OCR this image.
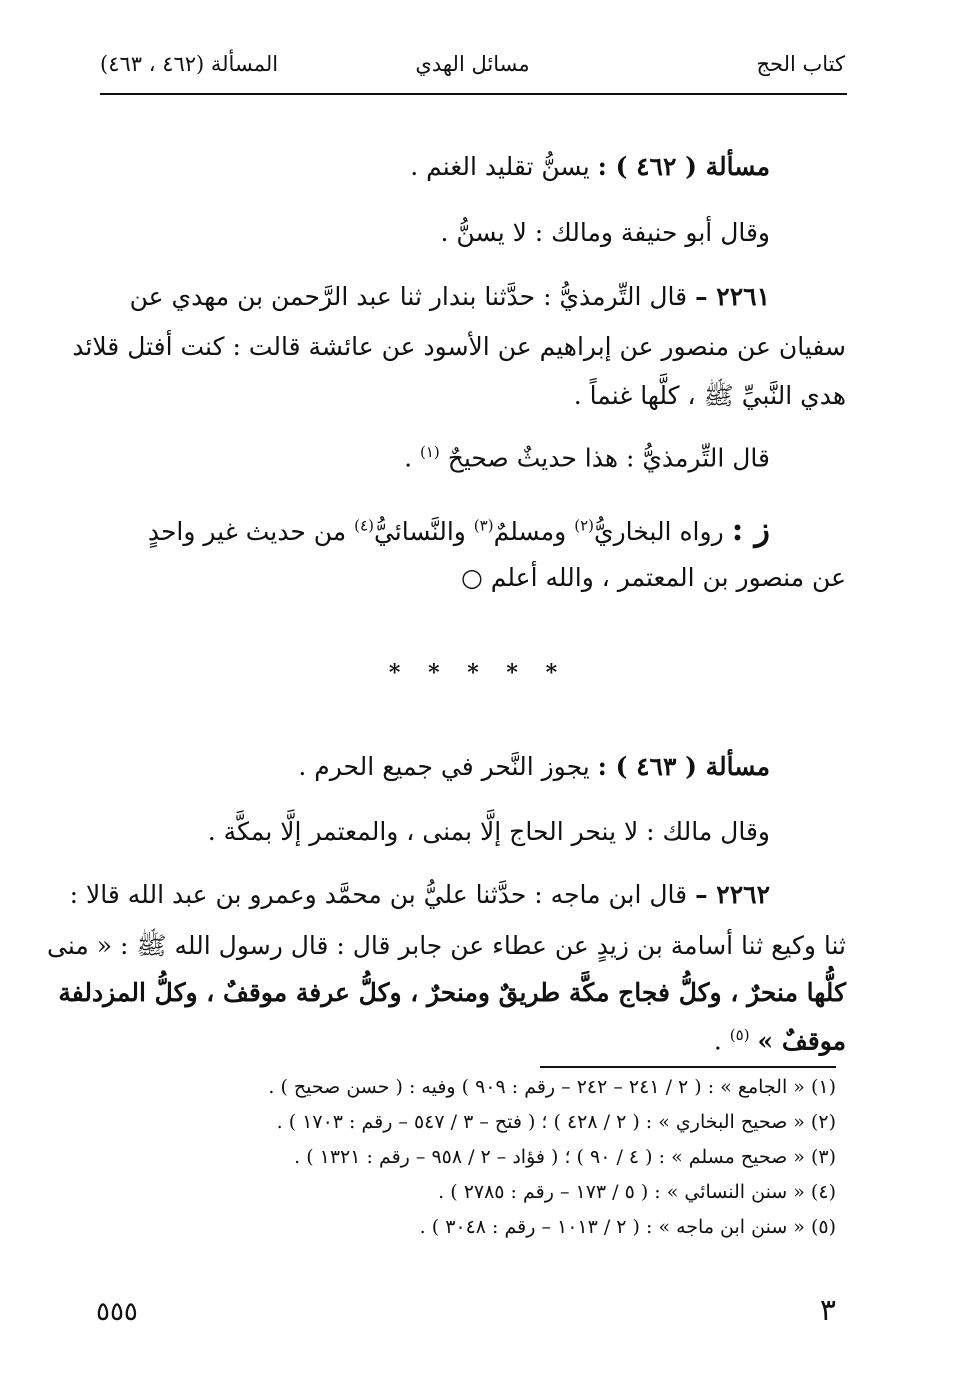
كتاب الحج
مسائل الهدي
المسألة (٤٦٢ ، ٤٦٣)
مسألة ( ٤٦٢ ) : يسنُّ تقليد الغنم .
وقال أبو حنيفة ومالك : لا يسنُّ .
٢٢٦١ – قال التِّرمذيُّ : حدَّثنا بندار ثنا عبد الرَّحمن بن مهدي عن
سفيان عن منصور عن إبراهيم عن الأسود عن عائشة قالت : كنت أفتل قلائد
هدي النَّبيِّ ﷺ ، كلَّها غنماً .
قال التِّرمذيُّ : هذا حديثٌ صحيحٌ $^{(١)}$ .
ز : رواه البخاريُّ$^{(٢)}$ ومسلمٌ$^{(٣)}$ والنَّسائيُّ$^{(٤)}$ من حديث غير واحدٍ
عن منصور بن المعتمر ، والله أعلم ○
مسألة ( ٤٦٣ ) : يجوز النَّحر في جميع الحرم .
وقال مالك : لا ينحر الحاج إلَّا بمنى ، والمعتمر إلَّا بمكَّة .
٢٢٦٢ – قال ابن ماجه : حدَّثنا عليُّ بن محمَّد وعمرو بن عبد الله قالا :
ثنا وكيع ثنا أسامة بن زيدٍ عن عطاء عن جابر قال : قال رسول الله ﷺ : « منى
كلُّها منحرٌ ، وكلُّ فجاج مكَّة طريقٌ ومنحرٌ ، وكلُّ عرفة موقفٌ ، وكلُّ المزدلفة
موقفٌ » $^{(٥)}$ .
* * * * *
(١) « الجامع » : ( ٢ / ٢٤١ – ٢٤٢ – رقم : ٩٠٩ ) وفيه : ( حسن صحيح ) .
(٢) « صحيح البخاري » : ( ٢ / ٤٢٨ ) ؛ ( فتح – ٣ / ٥٤٧ – رقم : ١٧٠٣ ) .
(٣) « صحيح مسلم » : ( ٤ / ٩٠ ) ؛ ( فؤاد – ٢ / ٩٥٨ – رقم : ١٣٢١ ) .
(٤) « سنن النسائي » : ( ٥ / ١٧٣ – رقم : ٢٧٨٥ ) .
(٥) « سنن ابن ماجه » : ( ٢ / ١٠١٣ – رقم : ٣٠٤٨ ) .
٣
٥٥٥
